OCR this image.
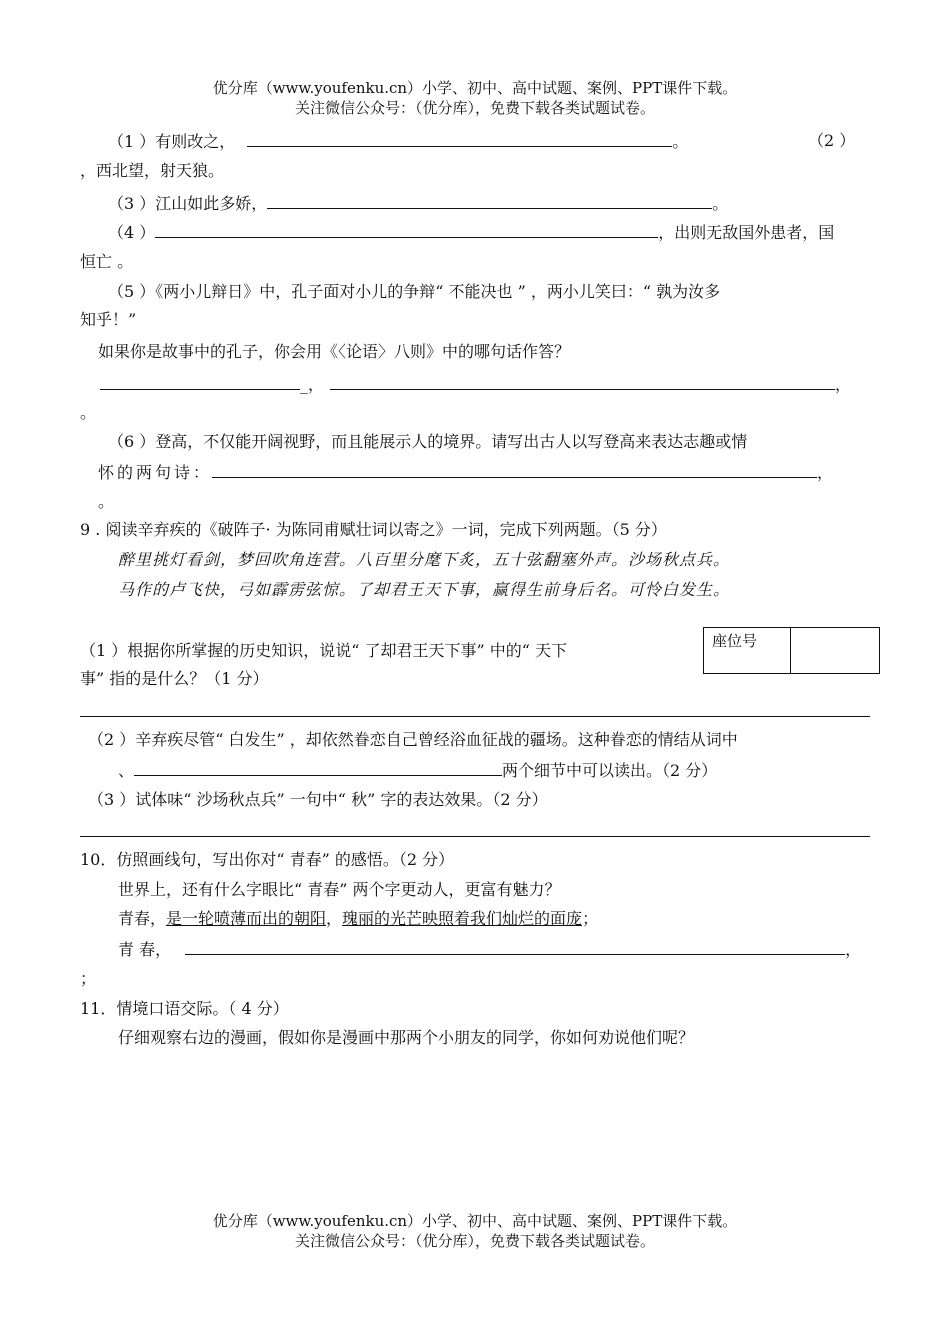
优分库（www.youfenku.cn）小学、初中、高中试题、案例、PPT课件下载。
关注微信公众号：（优分库），免费下载各类试题试卷。
（1 ）有则改之，	。	（2 ）
，西北望，射天狼。
（3 ）江山如此多娇，	。
（4 ）	，出则无敌国外患者，国
恒亡 。
（5 ）《两小儿辩日》中，孔子面对小儿的争辩“ 不能决也 ” ，两小儿笑曰：“ 孰为汝多
知乎！”
如果你是故事中的孔子，你会用《〈论语〉八则》中的哪句话作答？
_，	，
。
（6 ）登高，不仅能开阔视野，而且能展示人的境界。请写出古人以写登高来表达志趣或情
怀的两句诗：	，
。
9 . 阅读辛弃疾的《破阵子· 为陈同甫赋壮词以寄之》一词，完成下列两题。（5 分）
醉里挑灯看剑，梦回吹角连营。八百里分麾下炙，五十弦翻塞外声。沙场秋点兵。
马作的卢飞快，弓如霹雳弦惊。了却君王天下事，赢得生前身后名。可怜白发生。
（1 ）根据你所掌握的历史知识，说说“ 了却君王天下事” 中的“ 天下
事” 指的是什么？（1 分）
座位号
（2 ）辛弃疾尽管“ 白发生” ，却依然眷恋自己曾经浴血征战的疆场。这种眷恋的情结从词中
、	两个细节中可以读出。（2 分）
（3 ）试体味“ 沙场秋点兵” 一句中“ 秋” 字的表达效果。（2 分）
10．仿照画线句，写出你对“ 青春” 的感悟。（2 分）
世界上，还有什么字眼比“ 青春” 两个字更动人，更富有魅力？
青春，是一轮喷薄而出的朝阳，瑰丽的光芒映照着我们灿烂的面庞；
青 春，	，
；
11．情境口语交际。（ 4 分）
仔细观察右边的漫画，假如你是漫画中那两个小朋友的同学，你如何劝说他们呢？
优分库（www.youfenku.cn）小学、初中、高中试题、案例、PPT课件下载。
关注微信公众号：（优分库），免费下载各类试题试卷。
